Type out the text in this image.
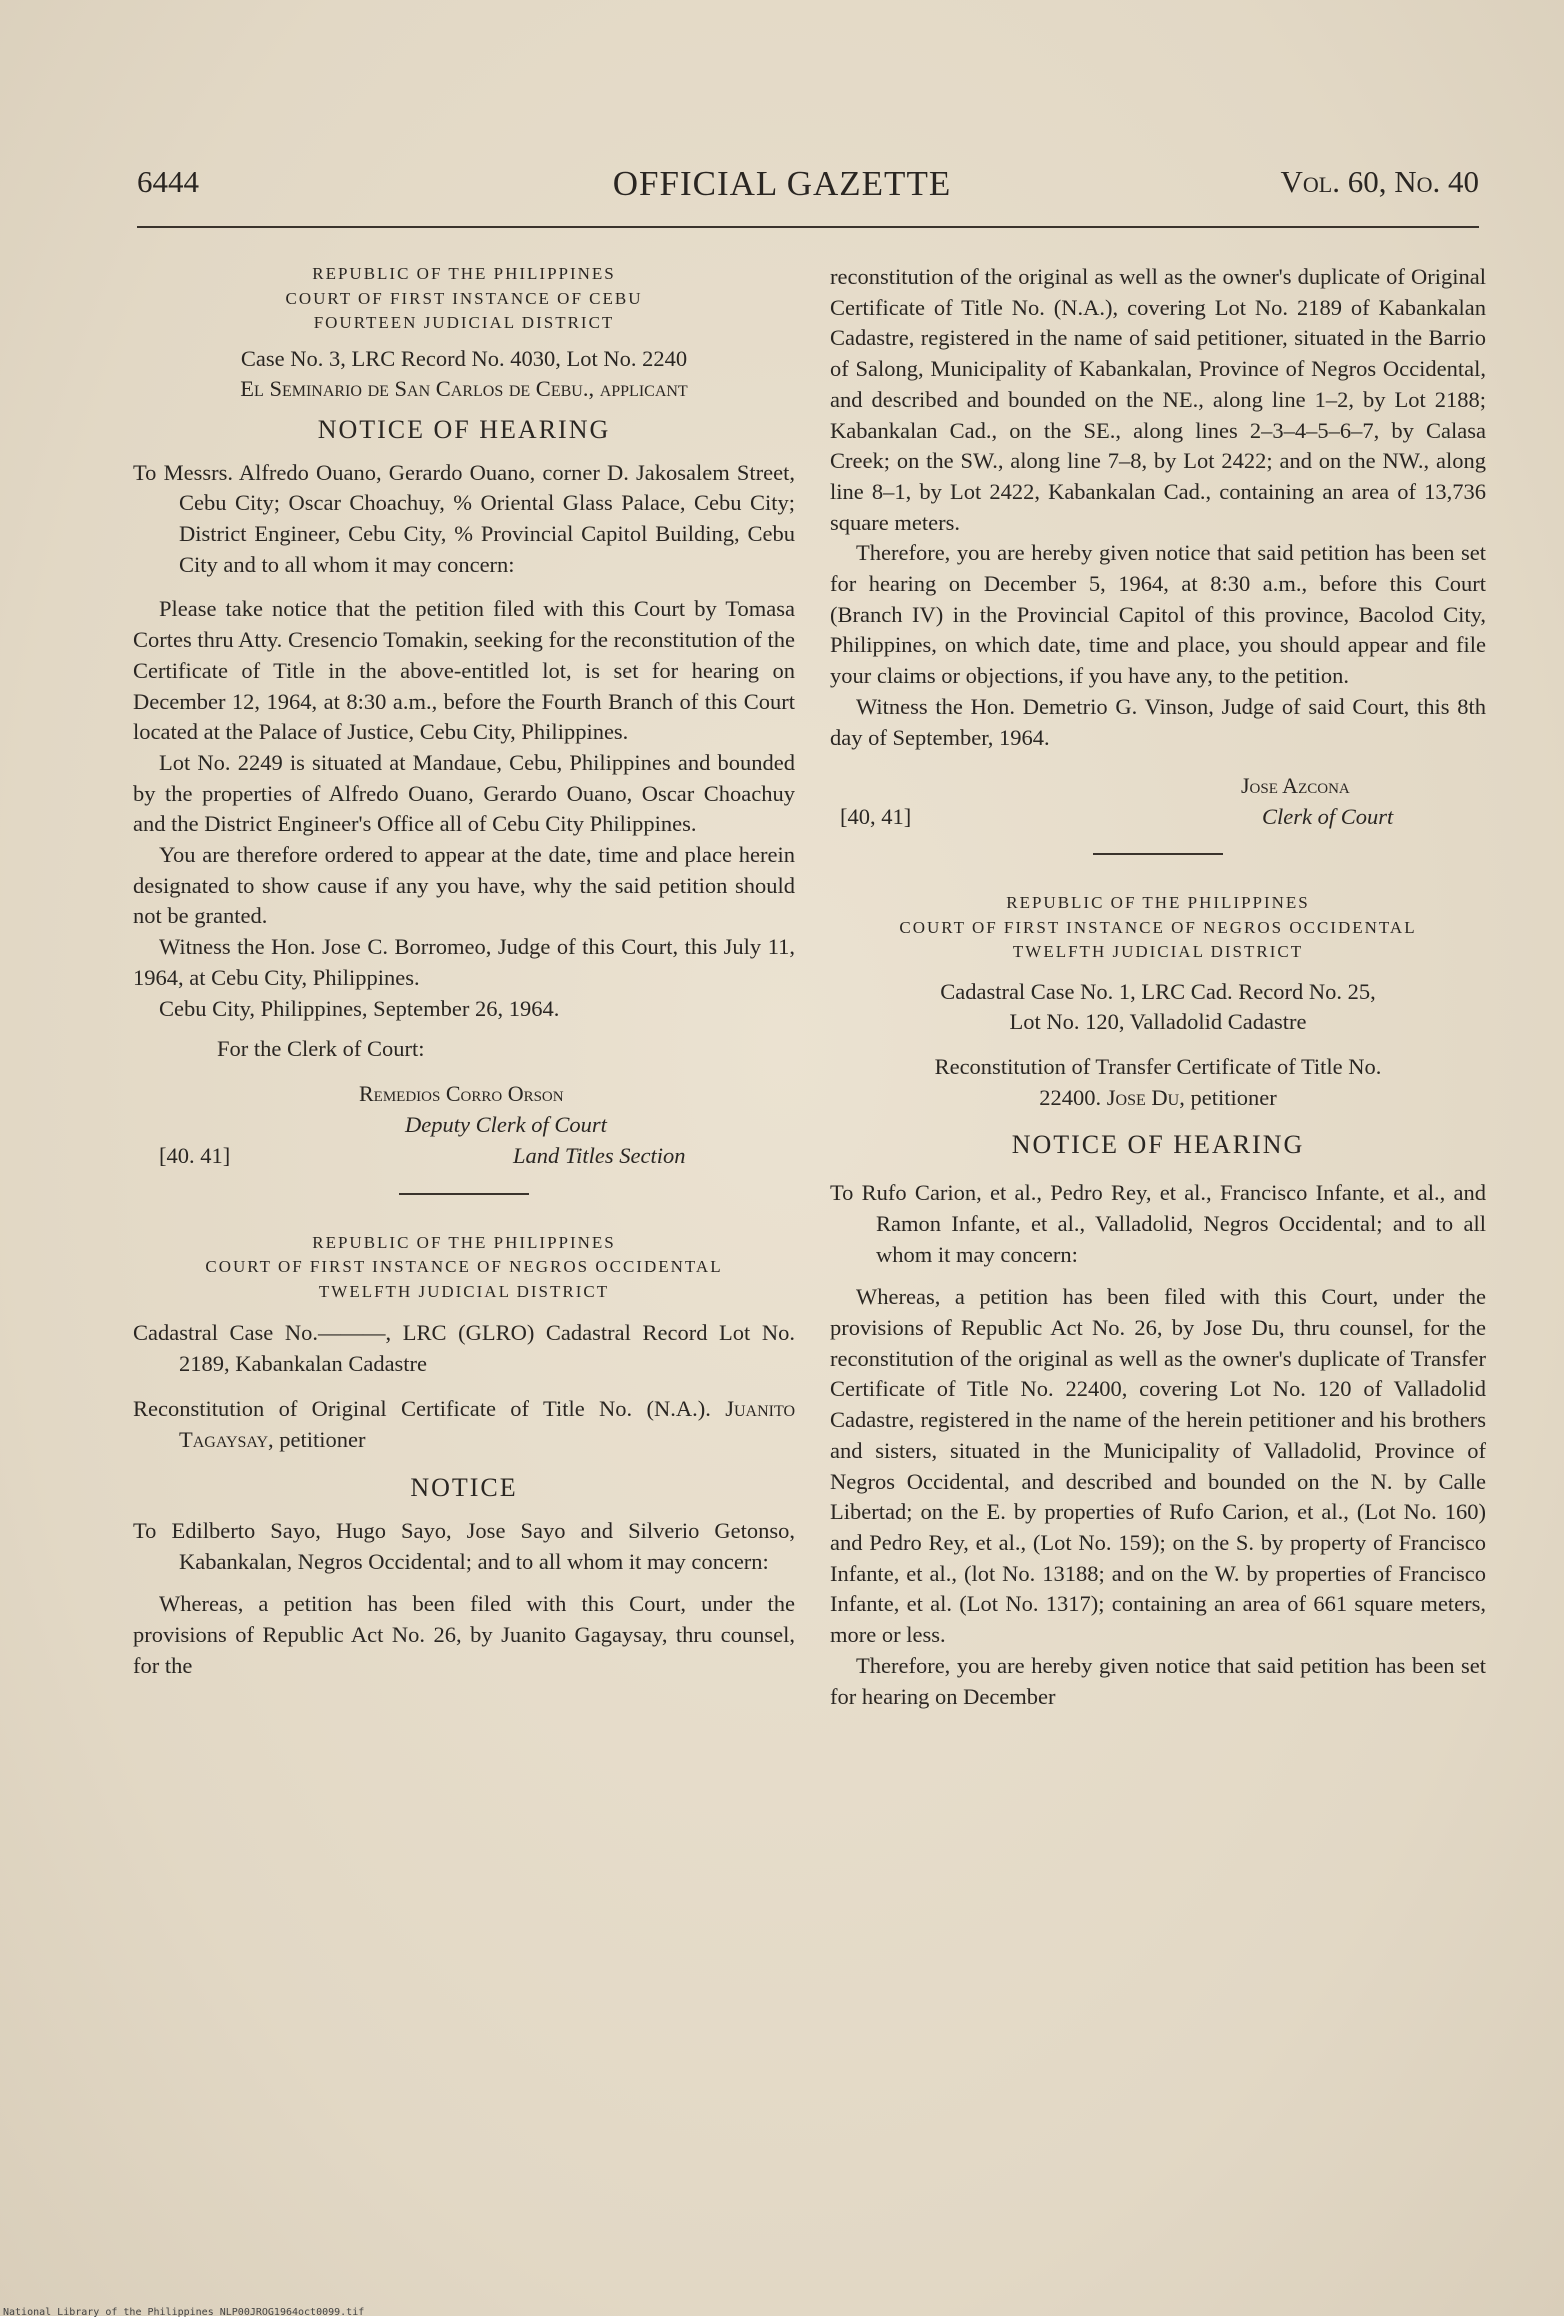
6444	OFFICIAL GAZETTE	Vol. 60, No. 40
REPUBLIC OF THE PHILIPPINES
COURT OF FIRST INSTANCE OF CEBU
FOURTEEN JUDICIAL DISTRICT
Case No. 3, LRC Record No. 4030, Lot No. 2240
El Seminario de San Carlos de Cebu., applicant
NOTICE OF HEARING
To Messrs. Alfredo Ouano, Gerardo Ouano, corner D. Jakosalem Street, Cebu City; Oscar Choachuy, % Oriental Glass Palace, Cebu City; District Engineer, Cebu City, % Provincial Capitol Building, Cebu City and to all whom it may concern:

Please take notice that the petition filed with this Court by Tomasa Cortes thru Atty. Cresencio Tomakin, seeking for the reconstitution of the Certificate of Title in the above-entitled lot, is set for hearing on December 12, 1964, at 8:30 a.m., before the Fourth Branch of this Court located at the Palace of Justice, Cebu City, Philippines.

Lot No. 2249 is situated at Mandaue, Cebu, Philippines and bounded by the properties of Alfredo Ouano, Gerardo Ouano, Oscar Choachuy and the District Engineer's Office all of Cebu City Philippines.

You are therefore ordered to appear at the date, time and place herein designated to show cause if any you have, why the said petition should not be granted.

Witness the Hon. Jose C. Borromeo, Judge of this Court, this July 11, 1964, at Cebu City, Philippines.

Cebu City, Philippines, September 26, 1964.

For the Clerk of Court:

Remedios Corro Orson
Deputy Clerk of Court
[40. 41]	Land Titles Section
REPUBLIC OF THE PHILIPPINES
COURT OF FIRST INSTANCE OF NEGROS OCCIDENTAL
TWELFTH JUDICIAL DISTRICT
Cadastral Case No.———, LRC (GLRO) Cadastral Record Lot No. 2189, Kabankalan Cadastre
Reconstitution of Original Certificate of Title No. (N.A.). Juanito Tagaysay, petitioner
NOTICE
To Edilberto Sayo, Hugo Sayo, Jose Sayo and Silverio Getonso, Kabankalan, Negros Occidental; and to all whom it may concern:

Whereas, a petition has been filed with this Court, under the provisions of Republic Act No. 26, by Juanito Gagaysay, thru counsel, for the

reconstitution of the original as well as the owner's duplicate of Original Certificate of Title No. (N.A.), covering Lot No. 2189 of Kabankalan Cadastre, registered in the name of said petitioner, situated in the Barrio of Salong, Municipality of Kabankalan, Province of Negros Occidental, and described and bounded on the NE., along line 1–2, by Lot 2188; Kabankalan Cad., on the SE., along lines 2–3–4–5–6–7, by Calasa Creek; on the SW., along line 7–8, by Lot 2422; and on the NW., along line 8–1, by Lot 2422, Kabankalan Cad., containing an area of 13,736 square meters.

Therefore, you are hereby given notice that said petition has been set for hearing on December 5, 1964, at 8:30 a.m., before this Court (Branch IV) in the Provincial Capitol of this province, Bacolod City, Philippines, on which date, time and place, you should appear and file your claims or objections, if you have any, to the petition.

Witness the Hon. Demetrio G. Vinson, Judge of said Court, this 8th day of September, 1964.

Jose Azcona
[40, 41]	Clerk of Court
REPUBLIC OF THE PHILIPPINES
COURT OF FIRST INSTANCE OF NEGROS OCCIDENTAL
TWELFTH JUDICIAL DISTRICT
Cadastral Case No. 1, LRC Cad. Record No. 25,
Lot No. 120, Valladolid Cadastre
Reconstitution of Transfer Certificate of Title No.
22400. Jose Du, petitioner
NOTICE OF HEARING
To Rufo Carion, et al., Pedro Rey, et al., Francisco Infante, et al., and Ramon Infante, et al., Valladolid, Negros Occidental; and to all whom it may concern:

Whereas, a petition has been filed with this Court, under the provisions of Republic Act No. 26, by Jose Du, thru counsel, for the reconstitution of the original as well as the owner's duplicate of Transfer Certificate of Title No. 22400, covering Lot No. 120 of Valladolid Cadastre, registered in the name of the herein petitioner and his brothers and sisters, situated in the Municipality of Valladolid, Province of Negros Occidental, and described and bounded on the N. by Calle Libertad; on the E. by properties of Rufo Carion, et al., (Lot No. 160) and Pedro Rey, et al., (Lot No. 159); on the S. by property of Francisco Infante, et al., (lot No. 13188; and on the W. by properties of Francisco Infante, et al. (Lot No. 1317); containing an area of 661 square meters, more or less.

Therefore, you are hereby given notice that said petition has been set for hearing on December

National Library of the Philippines NLP00JROG1964oct0099.tif
